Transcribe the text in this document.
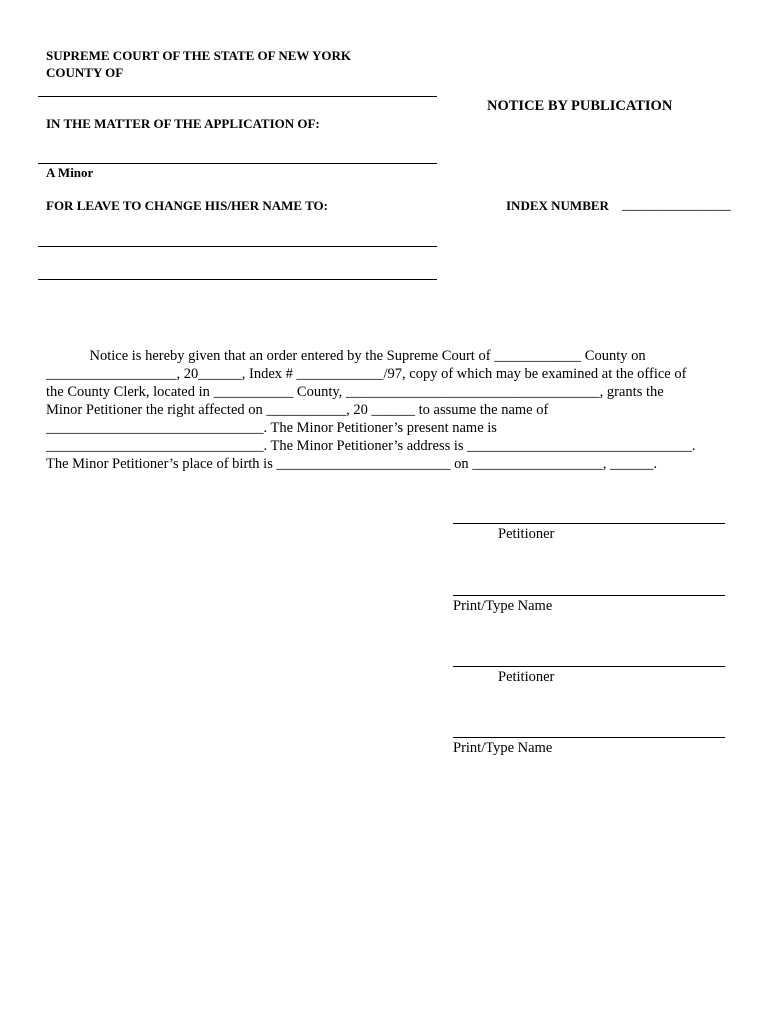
SUPREME COURT OF THE STATE OF NEW YORK
COUNTY OF
NOTICE BY PUBLICATION
IN THE MATTER OF THE APPLICATION OF:
A Minor
FOR LEAVE TO CHANGE HIS/HER NAME TO:	INDEX NUMBER _______________
Notice is hereby given that an order entered by the Supreme Court of ____________ County on
__________________, 20______, Index # ____________/97, copy of which may be examined at the office of
the County Clerk, located in ___________ County, ___________________________________, grants the
Minor Petitioner the right affected on ___________, 20 ______ to assume the name of
______________________________. The Minor Petitioner’s present name is
______________________________. The Minor Petitioner’s address is _______________________________.
The Minor Petitioner’s place of birth is ________________________ on __________________, ______.
Petitioner
Print/Type Name
Petitioner
Print/Type Name
